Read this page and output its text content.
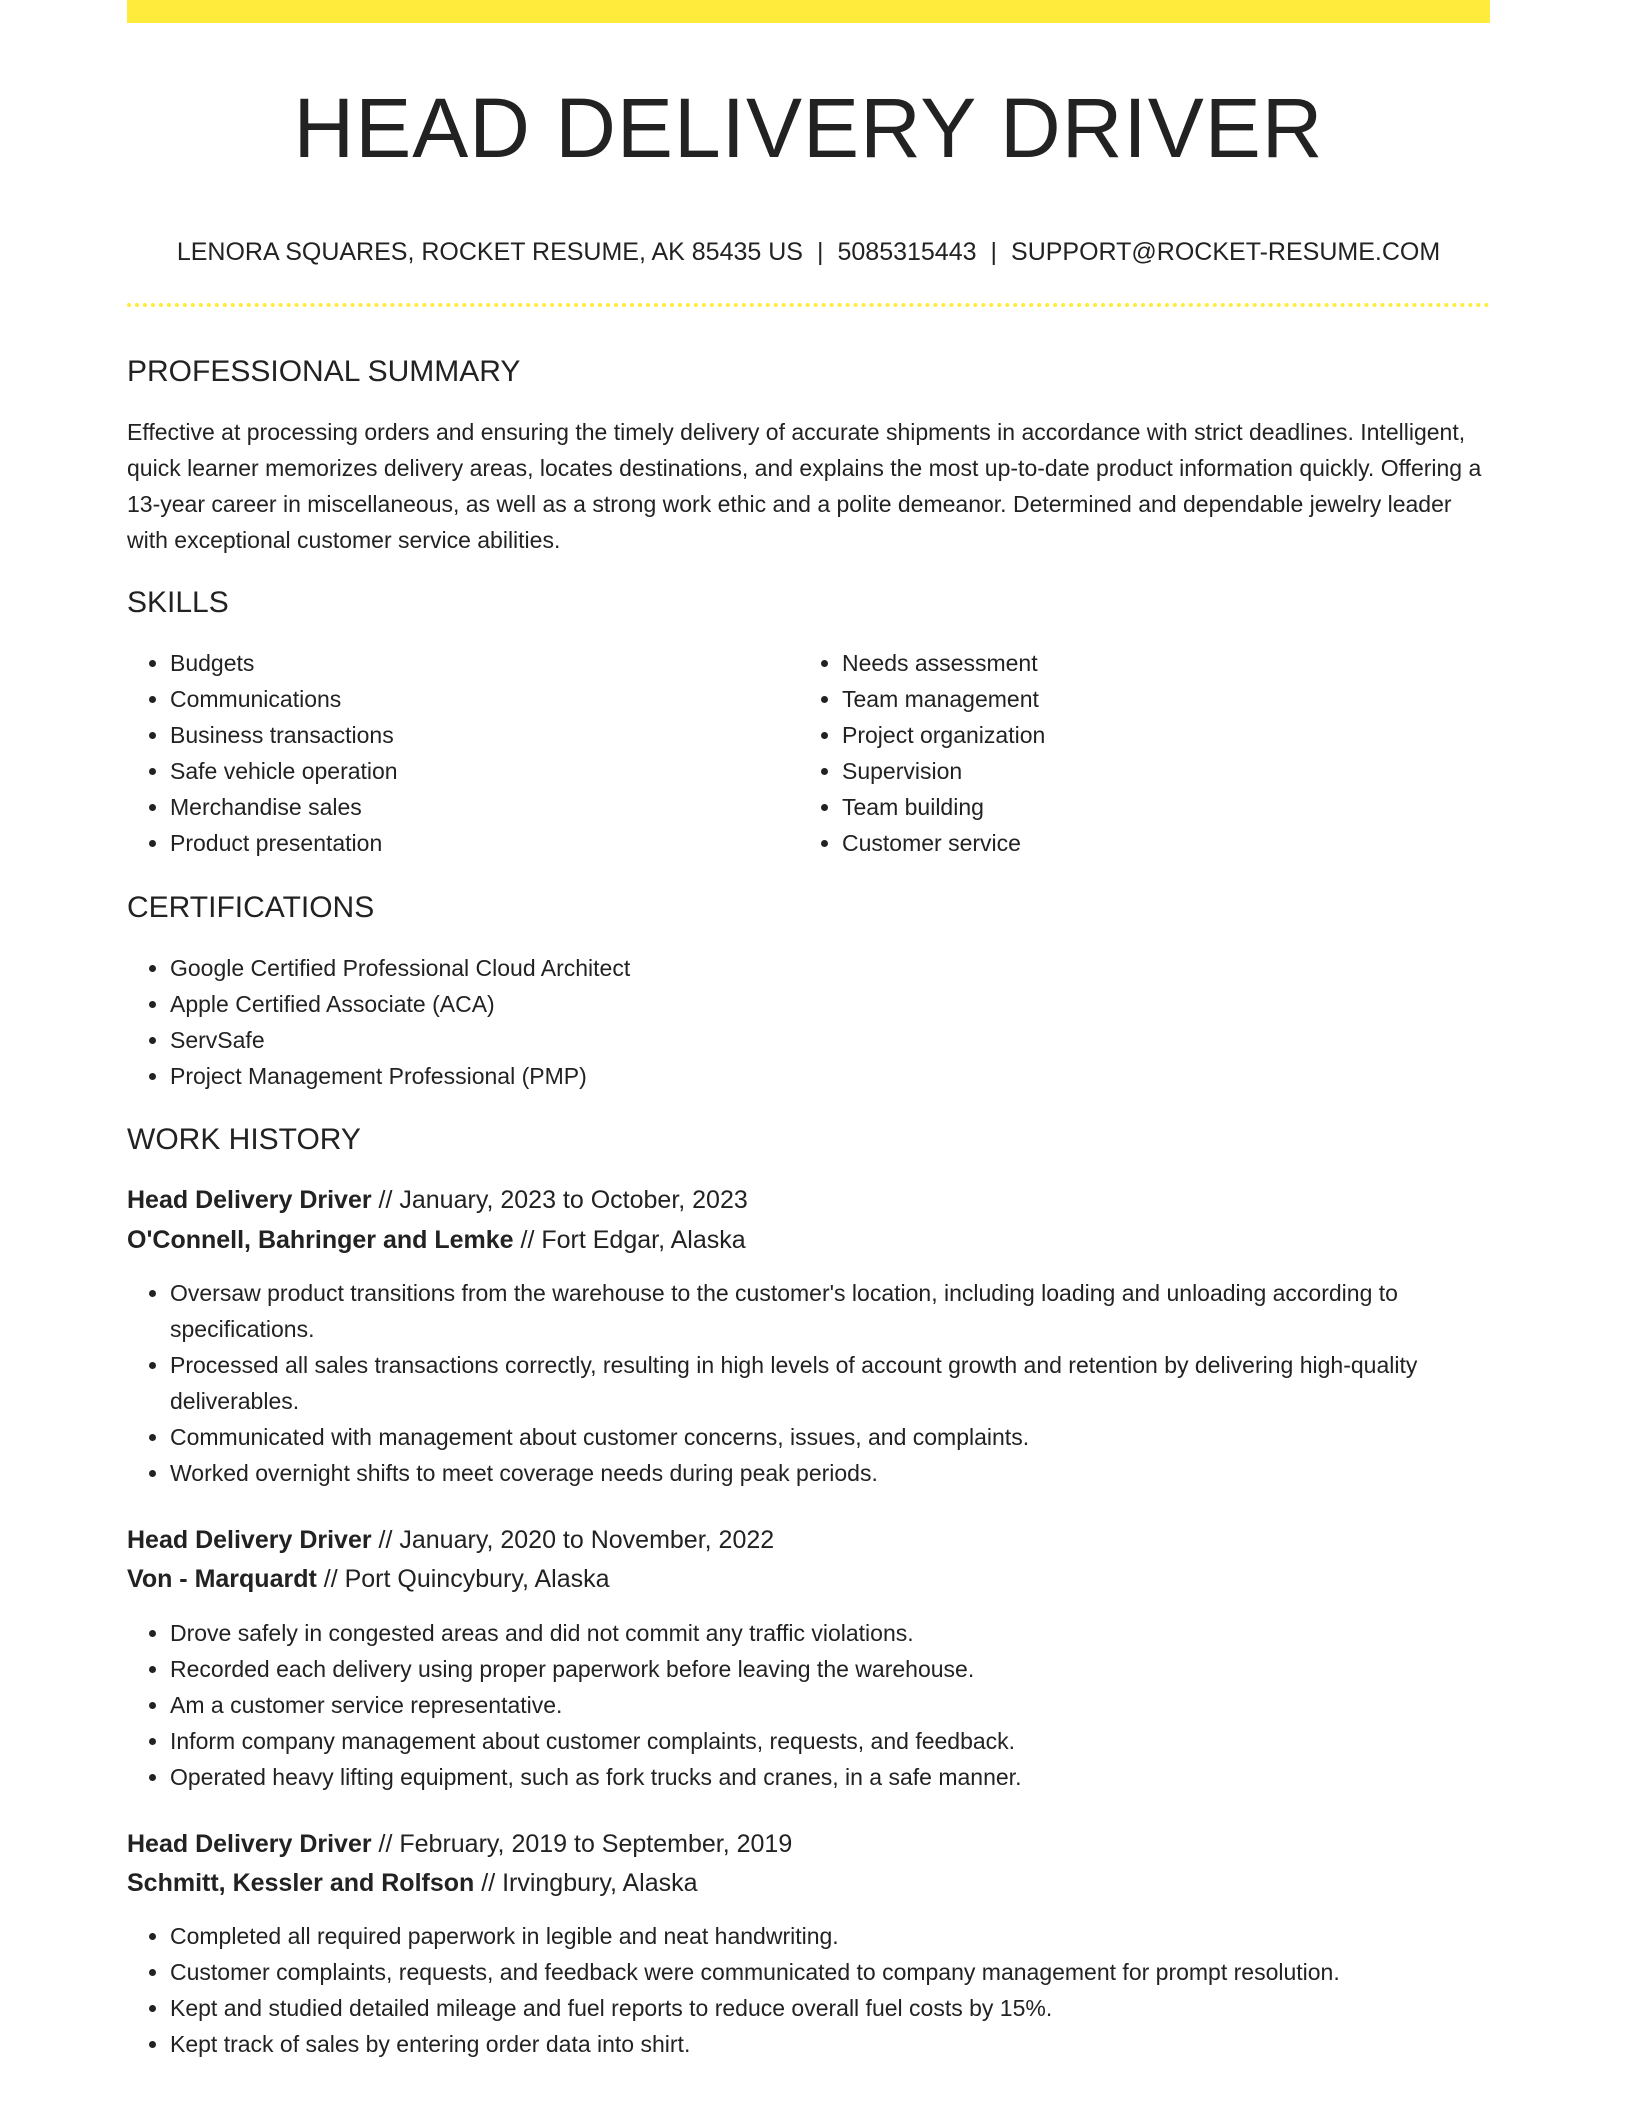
HEAD DELIVERY DRIVER
LENORA SQUARES, ROCKET RESUME, AK 85435 US | 5085315443 | SUPPORT@ROCKET-RESUME.COM
PROFESSIONAL SUMMARY
Effective at processing orders and ensuring the timely delivery of accurate shipments in accordance with strict deadlines. Intelligent, quick learner memorizes delivery areas, locates destinations, and explains the most up-to-date product information quickly. Offering a 13-year career in miscellaneous, as well as a strong work ethic and a polite demeanor. Determined and dependable jewelry leader with exceptional customer service abilities.
SKILLS
• Budgets
• Communications
• Business transactions
• Safe vehicle operation
• Merchandise sales
• Product presentation
• Needs assessment
• Team management
• Project organization
• Supervision
• Team building
• Customer service
CERTIFICATIONS
• Google Certified Professional Cloud Architect
• Apple Certified Associate (ACA)
• ServSafe
• Project Management Professional (PMP)
WORK HISTORY
Head Delivery Driver // January, 2023 to October, 2023
O'Connell, Bahringer and Lemke // Fort Edgar, Alaska
• Oversaw product transitions from the warehouse to the customer's location, including loading and unloading according to specifications.
• Processed all sales transactions correctly, resulting in high levels of account growth and retention by delivering high-quality deliverables.
• Communicated with management about customer concerns, issues, and complaints.
• Worked overnight shifts to meet coverage needs during peak periods.
Head Delivery Driver // January, 2020 to November, 2022
Von - Marquardt // Port Quincybury, Alaska
• Drove safely in congested areas and did not commit any traffic violations.
• Recorded each delivery using proper paperwork before leaving the warehouse.
• Am a customer service representative.
• Inform company management about customer complaints, requests, and feedback.
• Operated heavy lifting equipment, such as fork trucks and cranes, in a safe manner.
Head Delivery Driver // February, 2019 to September, 2019
Schmitt, Kessler and Rolfson // Irvingbury, Alaska
• Completed all required paperwork in legible and neat handwriting.
• Customer complaints, requests, and feedback were communicated to company management for prompt resolution.
• Kept and studied detailed mileage and fuel reports to reduce overall fuel costs by 15%.
• Kept track of sales by entering order data into shirt.
